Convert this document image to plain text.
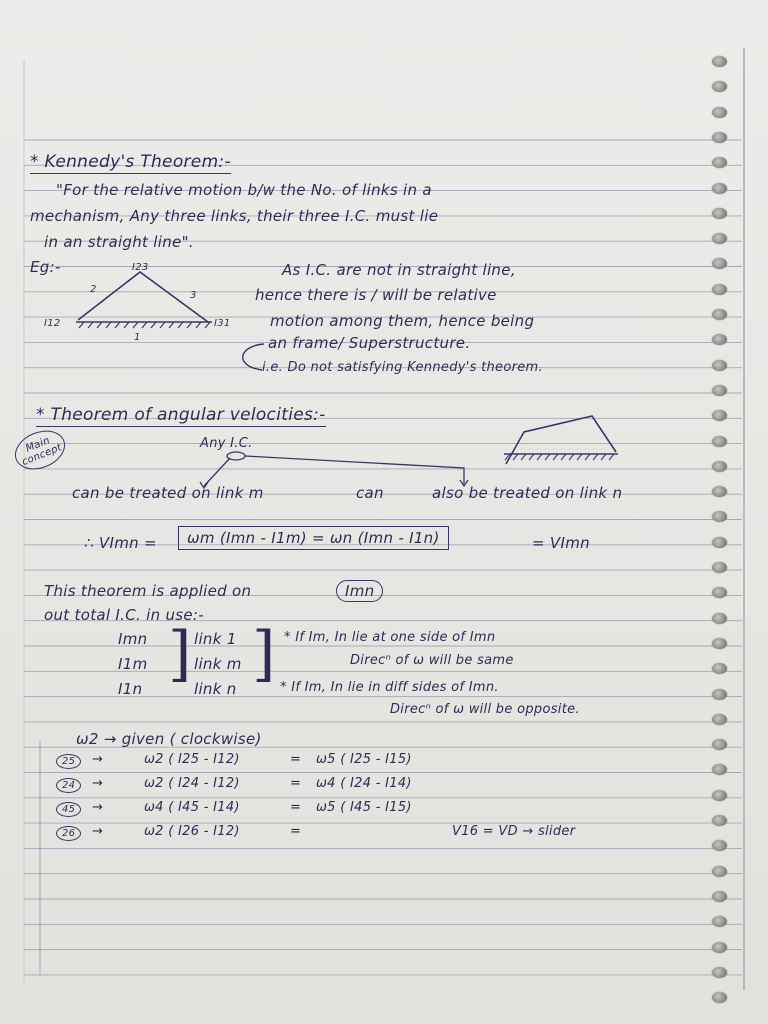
* Kennedy's Theorem:-
"For the relative motion b/w the No. of links in a
mechanism, Any three links, their three I.C. must lie
in an straight line".
Eg:-	I23
I12	I31
2
3
1
As I.C. are not in straight line,
hence there is / will be relative
motion among them, hence being
an frame/ Superstructure.
i.e. Do not satisfying Kennedy's theorem.
* Theorem of angular velocities:-
Main concept	Any I.C.
can be treated on link m	can	also be treated on link n
∴ VImn =	ωm (Imn - I1m) = ωn (Imn - I1n)	= VImn
This theorem is applied on	Imn
out total I.C. in use:-
Imn
I1m
I1n ] link 1
link m
link n ] * If Im, In lie at one side of Imn
Direcⁿ of ω will be same
* If Im, In lie in diff sides of Imn.
Direcⁿ of ω will be opposite.
ω2 → given ( clockwise)
25	→	ω2 ( I25 - I12)	= ω5 ( I25 - I15)
24	→	ω2 ( I24 - I12)	= ω4 ( I24 - I14)
45	→	ω4 ( I45 - I14)	= ω5 ( I45 - I15)
26	→	ω2 ( I26 - I12)	=	V16 = VD → slider
